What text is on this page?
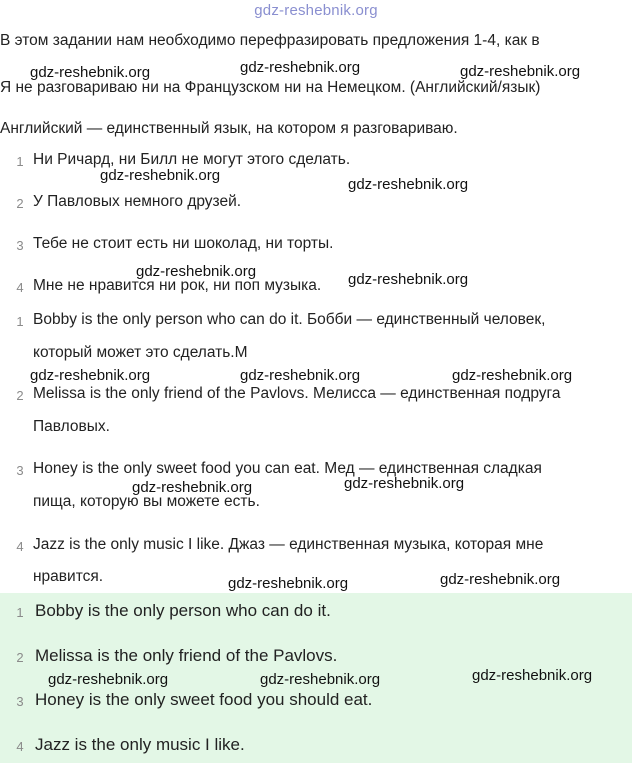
gdz-reshebnik.org
В этом задании нам необходимо перефразировать предложения 1-4, как в
Я не разговариваю ни на Французском ни на Немецком. (Английский/язык)
Английский — единственный язык, на котором я разговариваю.
1 Ни Ричард, ни Билл не могут этого сделать.
2 У Павловых немного друзей.
3 Тебе не стоит есть ни шоколад, ни торты.
4 Мне не нравится ни рок, ни поп музыка.
1 Bobby is the only person who can do it. Бобби — единственный человек,
который может это сделать.М
2 Melissa is the only friend of the Pavlovs. Мелисса — единственная подруга
Павловых.
3 Honey is the only sweet food you can eat. Мед — единственная сладкая
пища, которую вы можете есть.
4 Jazz is the only music I like. Джаз — единственная музыка, которая мне
нравится.
1 Bobby is the only person who can do it.
2 Melissa is the only friend of the Pavlovs.
3 Honey is the only sweet food you should eat.
4 Jazz is the only music I like.
gdz-reshebnik.org	gdz-reshebnik.org	gdz-reshebnik.org
gdz-reshebnik.org
gdz-reshebnik.org
gdz-reshebnik.org	gdz-reshebnik.org
gdz-reshebnik.org	gdz-reshebnik.org	gdz-reshebnik.org
gdz-reshebnik.org	gdz-reshebnik.org
gdz-reshebnik.org	gdz-reshebnik.org
gdz-reshebnik.org	gdz-reshebnik.org	gdz-reshebnik.org
